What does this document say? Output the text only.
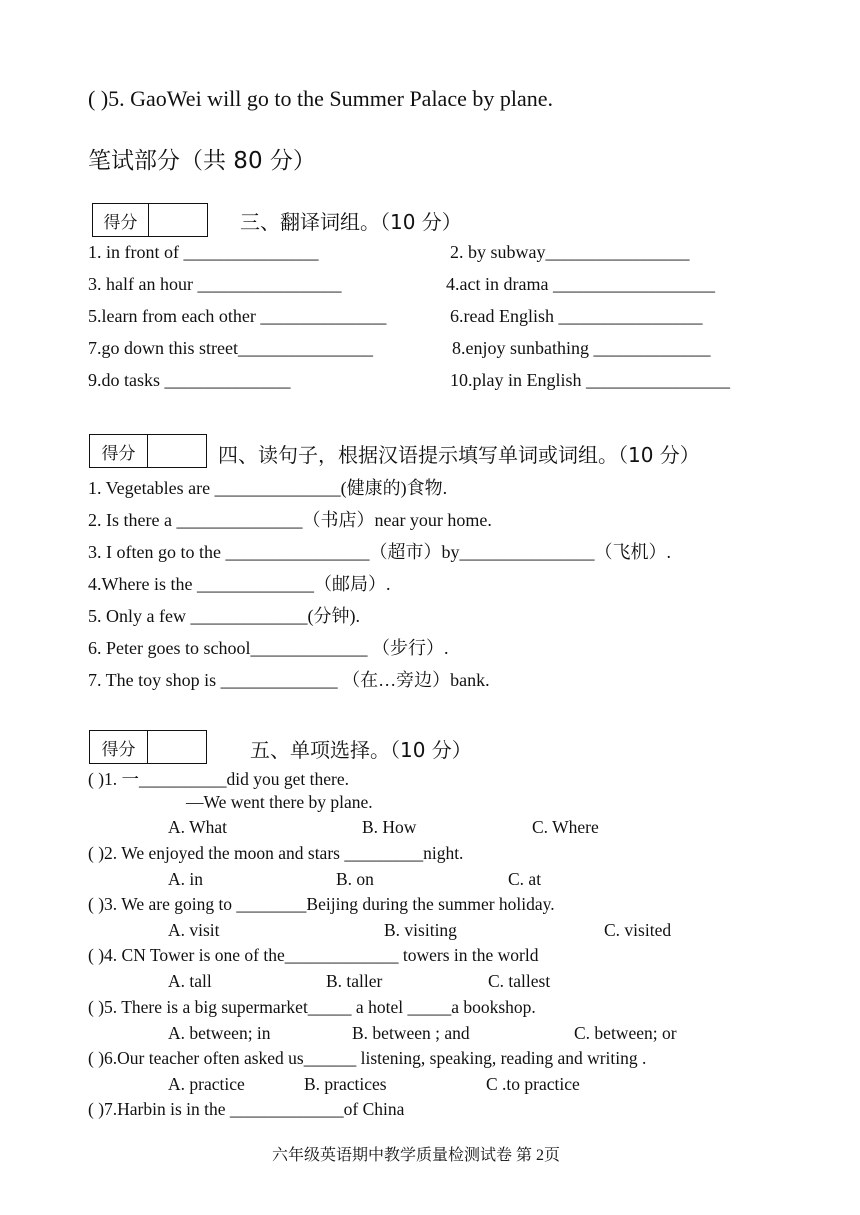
( )5. GaoWei will go to the Summer Palace by plane.
笔试部分（共 80 分）
得分	三、翻译词组。（10 分）
1. in front of _______________	2. by subway________________
3. half an hour ________________	4.act in drama __________________
5.learn from each other ______________	6.read English ________________
7.go down this street_______________	8.enjoy sunbathing _____________
9.do tasks ______________	10.play in English ________________
得分	四、读句子，根据汉语提示填写单词或词组。（10 分）
1. Vegetables are ______________(健康的)食物.
2. Is there a ______________（书店）near your home.
3. I often go to the ________________（超市）by_______________（飞机）.
4.Where is the _____________（邮局）.
5. Only a few _____________(分钟).
6. Peter goes to school_____________ （步行）.
7. The toy shop is _____________ （在…旁边）bank.
得分	五、单项选择。（10 分）
( )1. 一__________did you get there.
—We went there by plane.
A. What	B. How	C. Where
( )2. We enjoyed the moon and stars _________night.
A. in	B. on	C. at
( )3. We are going to ________Beijing during the summer holiday.
A. visit	B. visiting	C. visited
( )4. CN Tower is one of the_____________ towers in the world
A. tall	B. taller	C. tallest
( )5. There is a big supermarket_____ a hotel _____a bookshop.
A. between; in	B. between ; and	C. between; or
( )6.Our teacher often asked us______ listening, speaking, reading and writing .
A. practice	B. practices	C .to practice
( )7.Harbin is in the _____________of China
六年级英语期中教学质量检测试卷 第 2页
